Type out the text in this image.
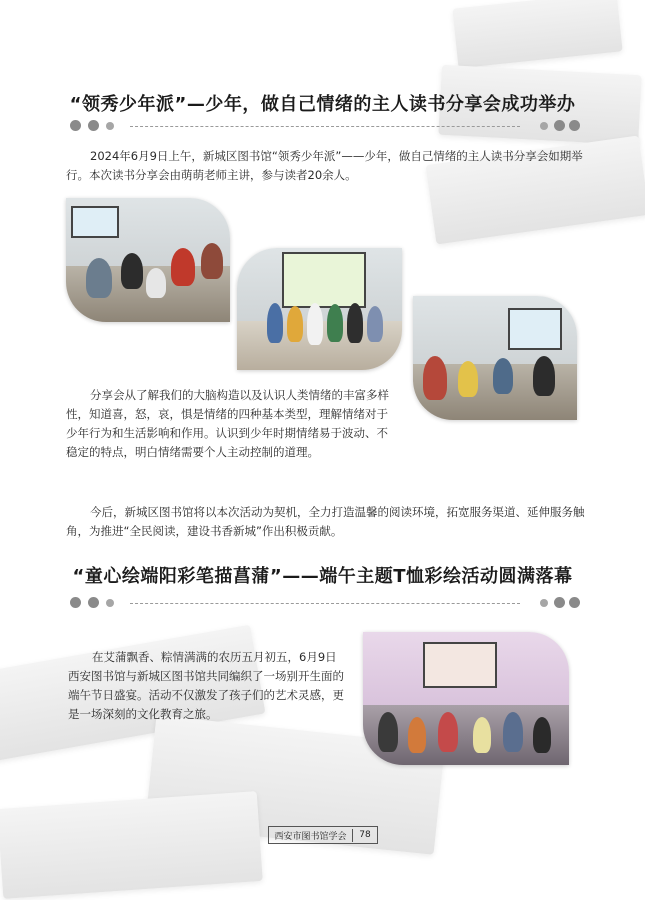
“领秀少年派”—少年，做自己情绪的主人读书分享会成功举办
2024年6月9日上午，新城区图书馆“领秀少年派”——少年，做自己情绪的主人读书分享会如期举行。本次读书分享会由萌萌老师主讲，参与读者20余人。
分享会从了解我们的大脑构造以及认识人类情绪的丰富多样性，知道喜，怒，哀，惧是情绪的四种基本类型，理解情绪对于少年行为和生活影响和作用。认识到少年时期情绪易于波动、不稳定的特点，明白情绪需要个人主动控制的道理。
今后，新城区图书馆将以本次活动为契机，全力打造温馨的阅读环境，拓宽服务渠道、延伸服务触角，为推进“全民阅读，建设书香新城”作出积极贡献。
“童心绘端阳彩笔描菖蒲”——端午主题T恤彩绘活动圆满落幕
在艾蒲飘香、粽情满满的农历五月初五，6月9日西安图书馆与新城区图书馆共同编织了一场别开生面的端午节日盛宴。活动不仅激发了孩子们的艺术灵感，更是一场深刻的文化教育之旅。
西安市图书馆学会	78
